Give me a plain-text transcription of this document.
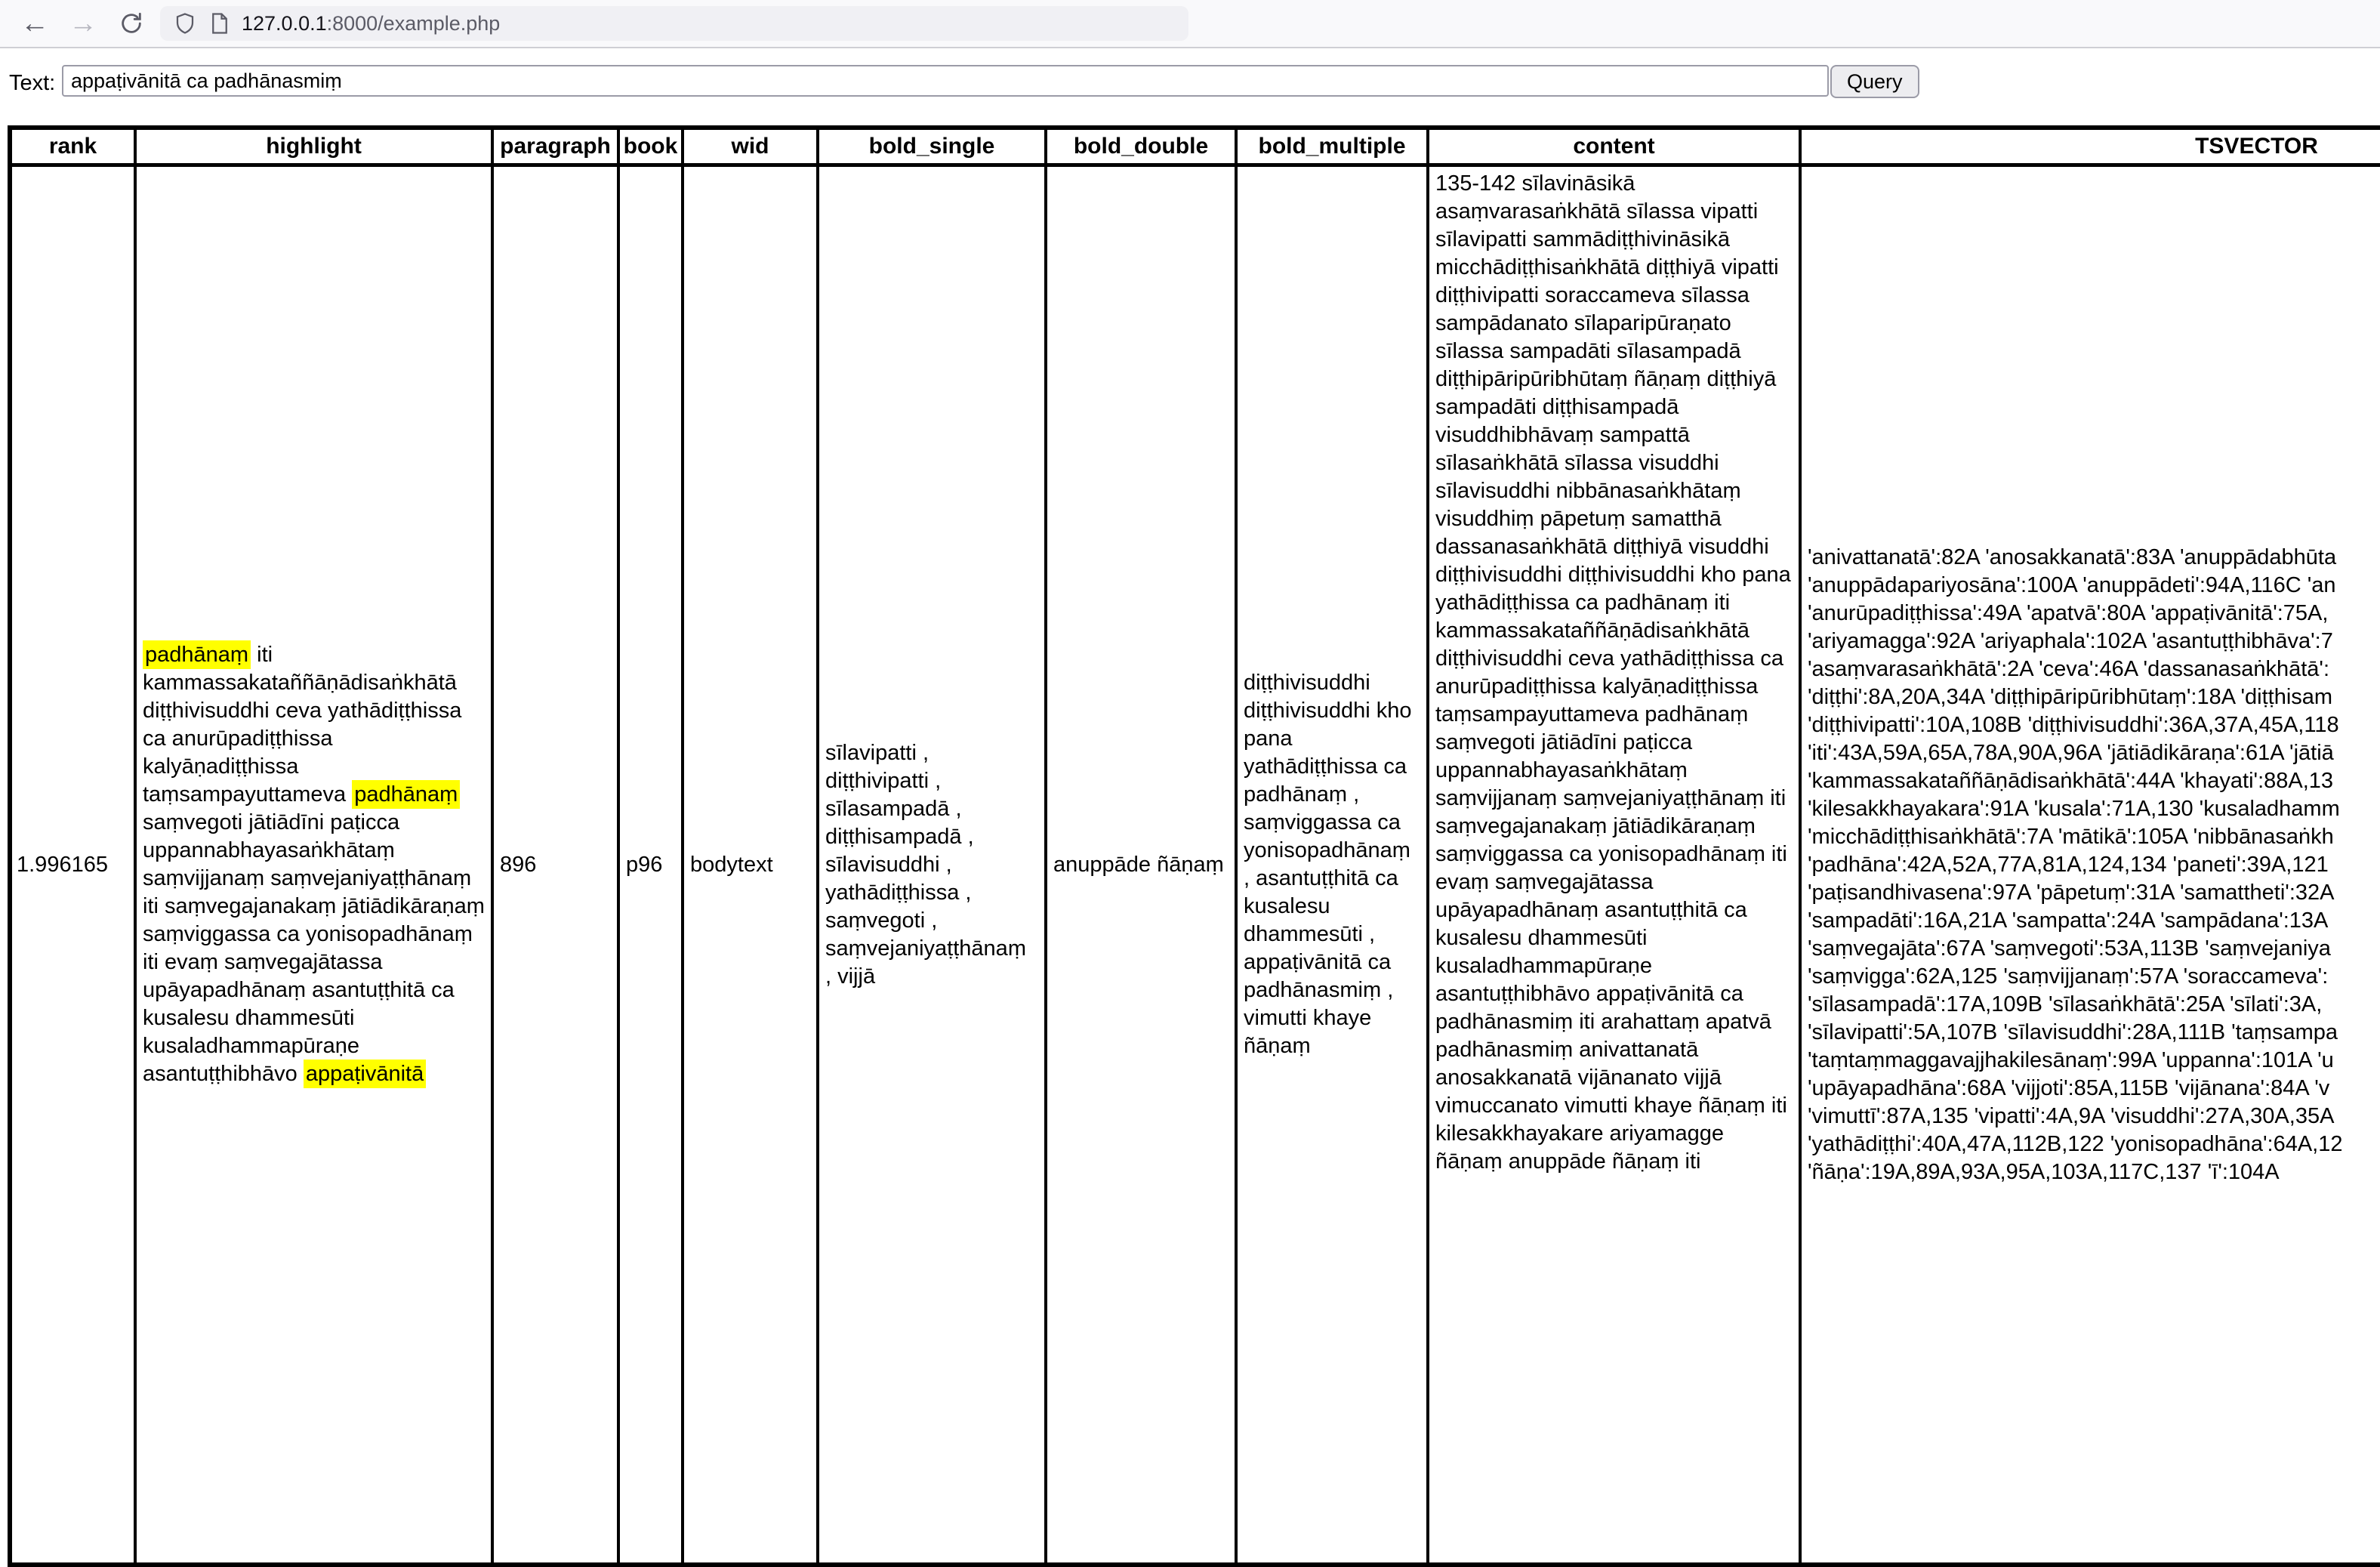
← →	127.0.0.1:8000/example.php
Text:
appaṭivānitā ca padhānasmiṃ	Query
rank	highlight	paragraph	book	wid	bold_single	bold_double	bold_multiple	content	TSVECTOR
1.996165	padhānaṃ iti kammassakataññāṇādisaṅkhātā diṭṭhivisuddhi ceva yathādiṭṭhissa ca anurūpadiṭṭhissa kalyāṇadiṭṭhissa taṃsampayuttameva padhānaṃ saṃvegoti jātiādīni paṭicca uppannabhayasaṅkhātaṃ saṃvijjanaṃ saṃvejaniyaṭṭhānaṃ iti saṃvegajanakaṃ jātiādikāraṇaṃ saṃviggassa ca yonisopadhānaṃ iti evaṃ saṃvegajātassa upāyapadhānaṃ asantuṭṭhitā ca kusalesu dhammesūti kusaladhammapūraṇe asantuṭṭhibhāvo appaṭivānitā	896	p96	bodytext	sīlavipatti , diṭṭhivipatti , sīlasampadā , diṭṭhisampadā , sīlavisuddhi , yathādiṭṭhissa , saṃvegoti , saṃvejaniyaṭṭhānaṃ , vijjā	anuppāde ñāṇaṃ	diṭṭhivisuddhi diṭṭhivisuddhi kho pana yathādiṭṭhissa ca padhānaṃ , saṃviggassa ca yonisopadhānaṃ , asantuṭṭhitā ca kusalesu dhammesūti , appaṭivānitā ca padhānasmiṃ , vimutti khaye ñāṇaṃ	135-142 sīlavināsikā asaṃvarasaṅkhātā sīlassa vipatti sīlavipatti sammādiṭṭhivināsikā micchādiṭṭhisaṅkhātā diṭṭhiyā vipatti diṭṭhivipatti soraccameva sīlassa sampādanato sīlaparipūraṇato sīlassa sampadāti sīlasampadā diṭṭhipāripūribhūtaṃ ñāṇaṃ diṭṭhiyā sampadāti diṭṭhisampadā visuddhibhāvaṃ sampattā sīlasaṅkhātā sīlassa visuddhi sīlavisuddhi nibbānasaṅkhātaṃ visuddhiṃ pāpetuṃ samatthā dassanasaṅkhātā diṭṭhiyā visuddhi diṭṭhivisuddhi diṭṭhivisuddhi kho pana yathādiṭṭhissa ca padhānaṃ iti kammassakataññāṇādisaṅkhātā diṭṭhivisuddhi ceva yathādiṭṭhissa ca anurūpadiṭṭhissa kalyāṇadiṭṭhissa taṃsampayuttameva padhānaṃ saṃvegoti jātiādīni paṭicca uppannabhayasaṅkhātaṃ saṃvijjanaṃ saṃvejaniyaṭṭhānaṃ iti saṃvegajanakaṃ jātiādikāraṇaṃ saṃviggassa ca yonisopadhānaṃ iti evaṃ saṃvegajātassa upāyapadhānaṃ asantuṭṭhitā ca kusalesu dhammesūti kusaladhammapūraṇe asantuṭṭhibhāvo appaṭivānitā ca padhānasmiṃ iti arahattaṃ apatvā padhānasmiṃ anivattanatā anosakkanatā vijānanato vijjā vimuccanato vimutti khaye ñāṇaṃ iti kilesakkhayakare ariyamagge ñāṇaṃ anuppāde ñāṇaṃ iti	
'anivattanatā':82A 'anosakkanatā':83A 'anuppādabhūta
'anuppādapariyosāna':100A 'anuppādeti':94A,116C 'an
'anurūpadiṭṭhissa':49A 'apatvā':80A 'appaṭivānitā':75A,
'ariyamagga':92A 'ariyaphala':102A 'asantuṭṭhibhāva':7
'asaṃvarasaṅkhātā':2A 'ceva':46A 'dassanasaṅkhātā':
'diṭṭhi':8A,20A,34A 'diṭṭhipāripūribhūtaṃ':18A 'diṭṭhisam
'diṭṭhivipatti':10A,108B 'diṭṭhivisuddhi':36A,37A,45A,118
'iti':43A,59A,65A,78A,90A,96A 'jātiādikāraṇa':61A 'jātiā
'kammassakataññāṇādisaṅkhātā':44A 'khayati':88A,13
'kilesakkhayakara':91A 'kusala':71A,130 'kusaladhamm
'micchādiṭṭhisaṅkhātā':7A 'mātikā':105A 'nibbānasaṅkh
'padhāna':42A,52A,77A,81A,124,134 'paneti':39A,121
'paṭisandhivasena':97A 'pāpetuṃ':31A 'samattheti':32A
'sampadāti':16A,21A 'sampatta':24A 'sampādana':13A
'saṃvegajāta':67A 'saṃvegoti':53A,113B 'saṃvejaniya
'saṃvigga':62A,125 'saṃvijjanaṃ':57A 'soraccameva':
'sīlasampadā':17A,109B 'sīlasaṅkhātā':25A 'sīlati':3A,
'sīlavipatti':5A,107B 'sīlavisuddhi':28A,111B 'taṃsampa
'taṃtaṃmaggavajjhakilesānaṃ':99A 'uppanna':101A 'u
'upāyapadhāna':68A 'vijjoti':85A,115B 'vijānana':84A 'v
'vimuttī':87A,135 'vipatti':4A,9A 'visuddhi':27A,30A,35A
'yathādiṭṭhi':40A,47A,112B,122 'yonisopadhāna':64A,12
'ñāṇa':19A,89A,93A,95A,103A,117C,137 'ī':104A
